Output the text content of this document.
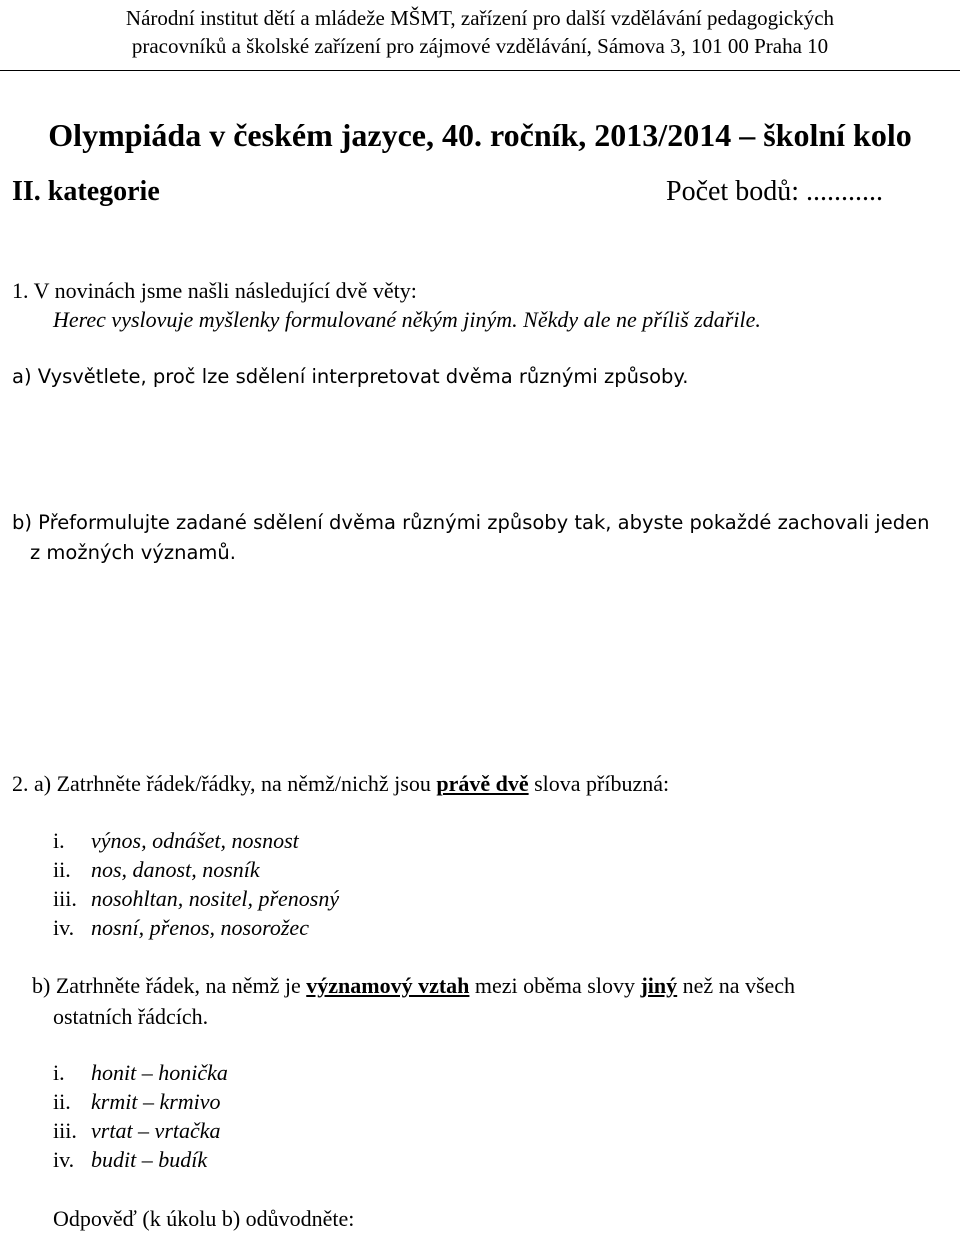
Národní institut dětí a mládeže MŠMT, zařízení pro další vzdělávání pedagogických
pracovníků a školské zařízení pro zájmové vzdělávání, Sámova 3, 101 00 Praha 10
Olympiáda v českém jazyce, 40. ročník, 2013/2014 – školní kolo
II. kategorie	Počet bodů: ...........
1. V novinách jsme našli následující dvě věty:
Herec vyslovuje myšlenky formulované někým jiným. Někdy ale ne příliš zdařile.
a) Vysvětlete, proč lze sdělení interpretovat dvěma různými způsoby.
b) Přeformulujte zadané sdělení dvěma různými způsoby tak, abyste pokaždé zachovali jeden
z možných významů.
2. a) Zatrhněte řádek/řádky, na němž/nichž jsou právě dvě slova příbuzná:
i. výnos, odnášet, nosnost
ii. nos, danost, nosník
iii. nosohltan, nositel, přenosný
iv. nosní, přenos, nosorožec
b) Zatrhněte řádek, na němž je významový vztah mezi oběma slovy jiný než na všech
ostatních řádcích.
i. honit – honička
ii. krmit – krmivo
iii. vrtat – vrtačka
iv. budit – budík
Odpověď (k úkolu b) odůvodněte:
